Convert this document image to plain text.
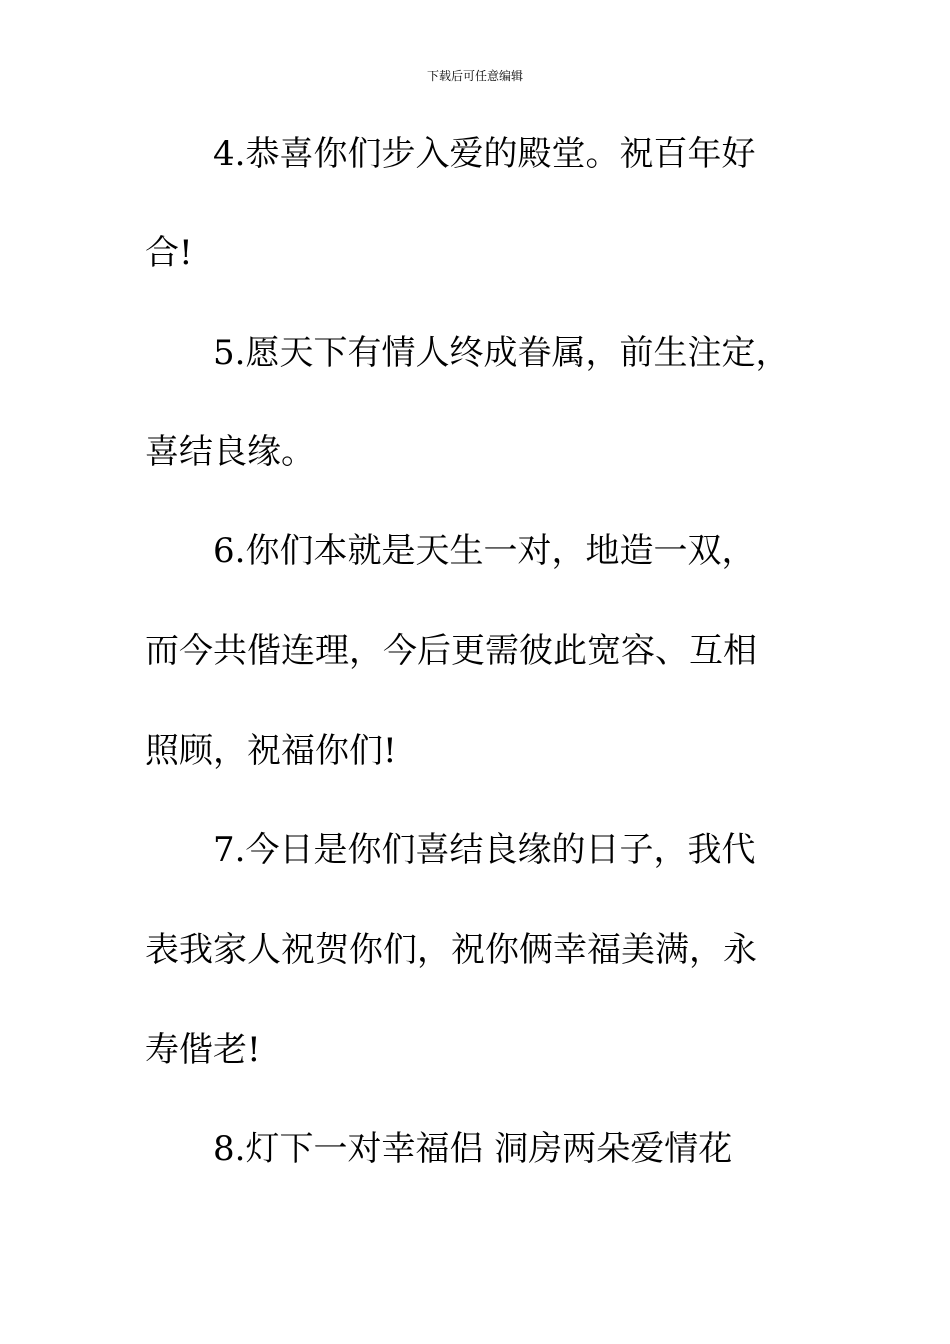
下载后可任意编辑
4.恭喜你们步入爱的殿堂。祝百年好
合!
5.愿天下有情人终成眷属，前生注定，
喜结良缘。
6.你们本就是天生一对，地造一双，
而今共偕连理，今后更需彼此宽容、互相
照顾，祝福你们!
7.今日是你们喜结良缘的日子，我代
表我家人祝贺你们，祝你俩幸福美满，永
寿偕老!
8.灯下一对幸福侣 洞房两朵爱情花
